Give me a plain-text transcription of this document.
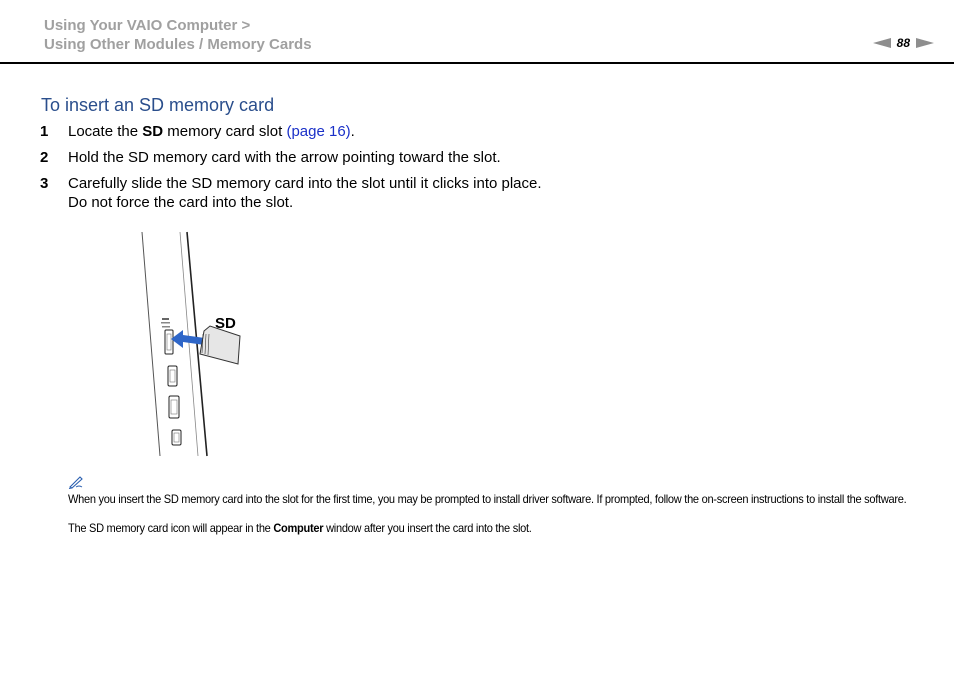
Using Your VAIO Computer >
Using Other Modules / Memory Cards	88
To insert an SD memory card
1 Locate the SD memory card slot (page 16).
2 Hold the SD memory card with the arrow pointing toward the slot.
3 Carefully slide the SD memory card into the slot until it clicks into place.
Do not force the card into the slot.
SD

When you insert the SD memory card into the slot for the first time, you may be prompted to install driver software. If prompted, follow the on-screen instructions to install the software.

The SD memory card icon will appear in the Computer window after you insert the card into the slot.
